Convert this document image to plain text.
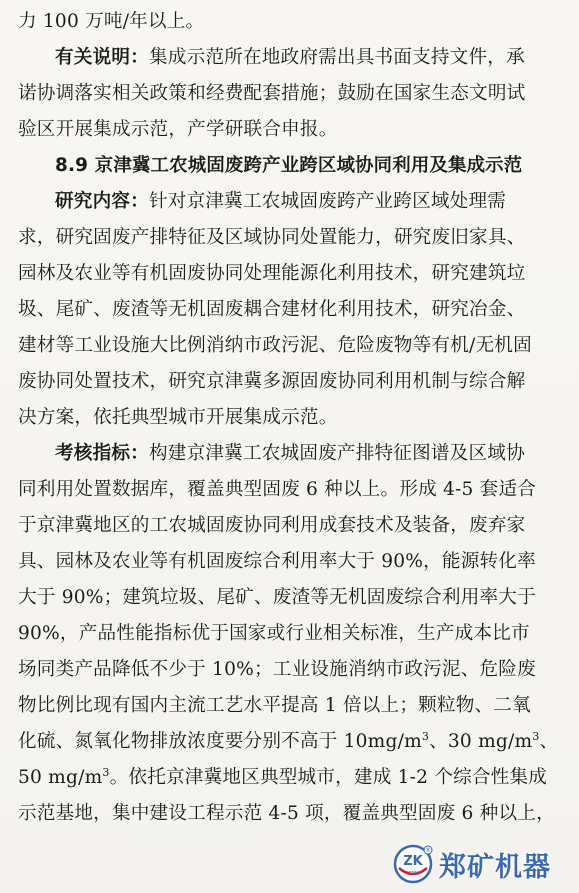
力 100 万吨/年以上。
有关说明：集成示范所在地政府需出具书面支持文件，承
诺协调落实相关政策和经费配套措施；鼓励在国家生态文明试
验区开展集成示范，产学研联合申报。
8.9 京津冀工农城固废跨产业跨区域协同利用及集成示范
研究内容：针对京津冀工农城固废跨产业跨区域处理需
求，研究固废产排特征及区域协同处置能力，研究废旧家具、
园林及农业等有机固废协同处理能源化利用技术，研究建筑垃
圾、尾矿、废渣等无机固废耦合建材化利用技术，研究冶金、
建材等工业设施大比例消纳市政污泥、危险废物等有机/无机固
废协同处置技术，研究京津冀多源固废协同利用机制与综合解
决方案，依托典型城市开展集成示范。
考核指标：构建京津冀工农城固废产排特征图谱及区域协
同利用处置数据库，覆盖典型固废 6 种以上。形成 4-5 套适合
于京津冀地区的工农城固废协同利用成套技术及装备，废弃家
具、园林及农业等有机固废综合利用率大于 90%，能源转化率
大于 90%；建筑垃圾、尾矿、废渣等无机固废综合利用率大于
90%，产品性能指标优于国家或行业相关标准，生产成本比市
场同类产品降低不少于 10%；工业设施消纳市政污泥、危险废
物比例比现有国内主流工艺水平提高 1 倍以上；颗粒物、二氧
化硫、氮氧化物排放浓度要分别不高于 $10mg/m^3$、30 $mg/m^3$、
50 $mg/m^3$。依托京津冀地区典型城市，建成 1-2 个综合性集成
示范基地，集中建设工程示范 4-5 项，覆盖典型固废 6 种以上，
ZK
zzkj
®
郑矿机器
